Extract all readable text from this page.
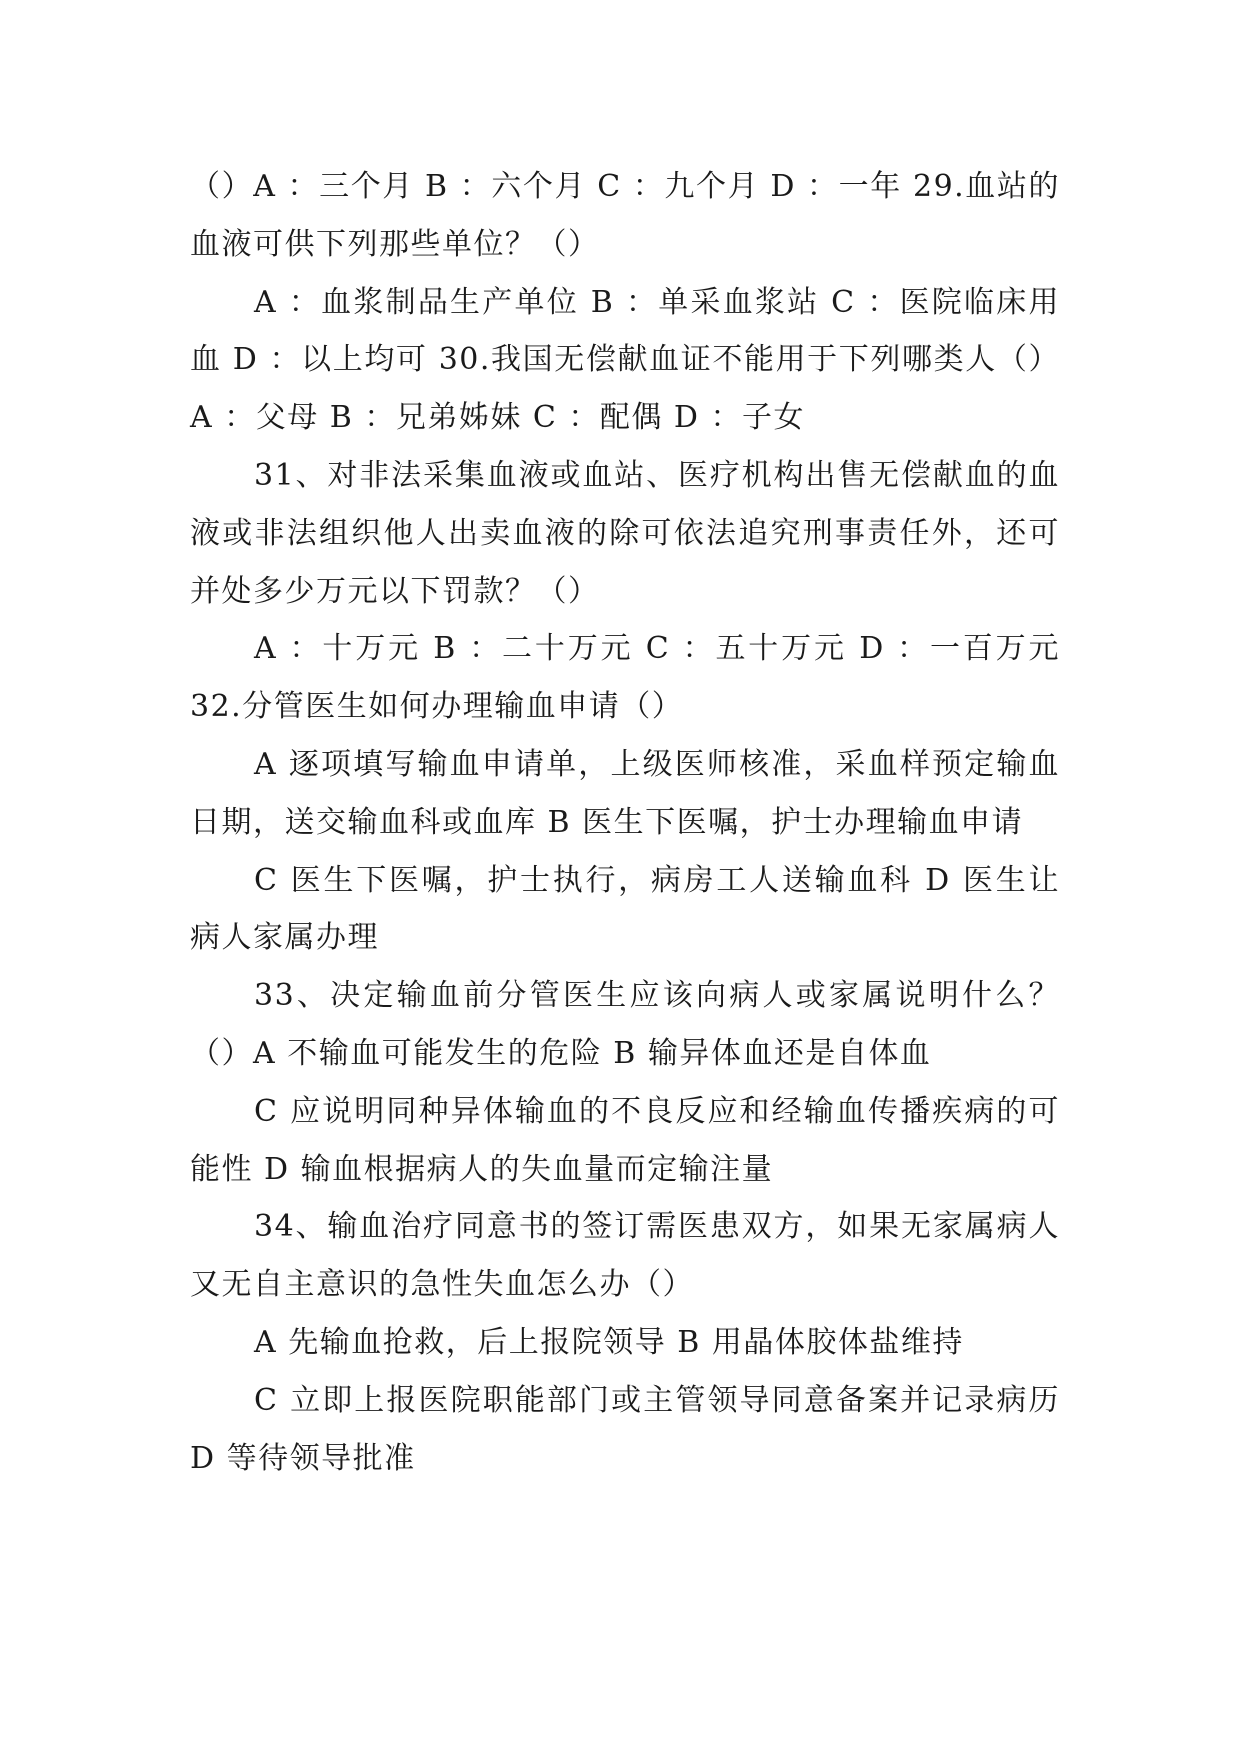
（）A ：三个月 B ：六个月 C ：九个月 D ：一年 29.血站的血液可供下列那些单位？（）

A ：血浆制品生产单位 B ：单采血浆站 C ：医院临床用血 D ：以上均可 30.我国无偿献血证不能用于下列哪类人（）A ：父母 B ：兄弟姊妹 C ：配偶 D ：子女

31、对非法采集血液或血站、医疗机构出售无偿献血的血液或非法组织他人出卖血液的除可依法追究刑事责任外，还可并处多少万元以下罚款？（）

A ：十万元 B ：二十万元 C ：五十万元 D ：一百万元 32.分管医生如何办理输血申请（）

A 逐项填写输血申请单，上级医师核准，采血样预定输血日期，送交输血科或血库 B 医生下医嘱，护士办理输血申请

C 医生下医嘱，护士执行，病房工人送输血科 D 医生让病人家属办理

33、决定输血前分管医生应该向病人或家属说明什么？（）A 不输血可能发生的危险 B 输异体血还是自体血

C 应说明同种异体输血的不良反应和经输血传播疾病的可能性 D 输血根据病人的失血量而定输注量

34、输血治疗同意书的签订需医患双方，如果无家属病人又无自主意识的急性失血怎么办（）

A 先输血抢救，后上报院领导 B 用晶体胶体盐维持

C 立即上报医院职能部门或主管领导同意备案并记录病历 D 等待领导批准
